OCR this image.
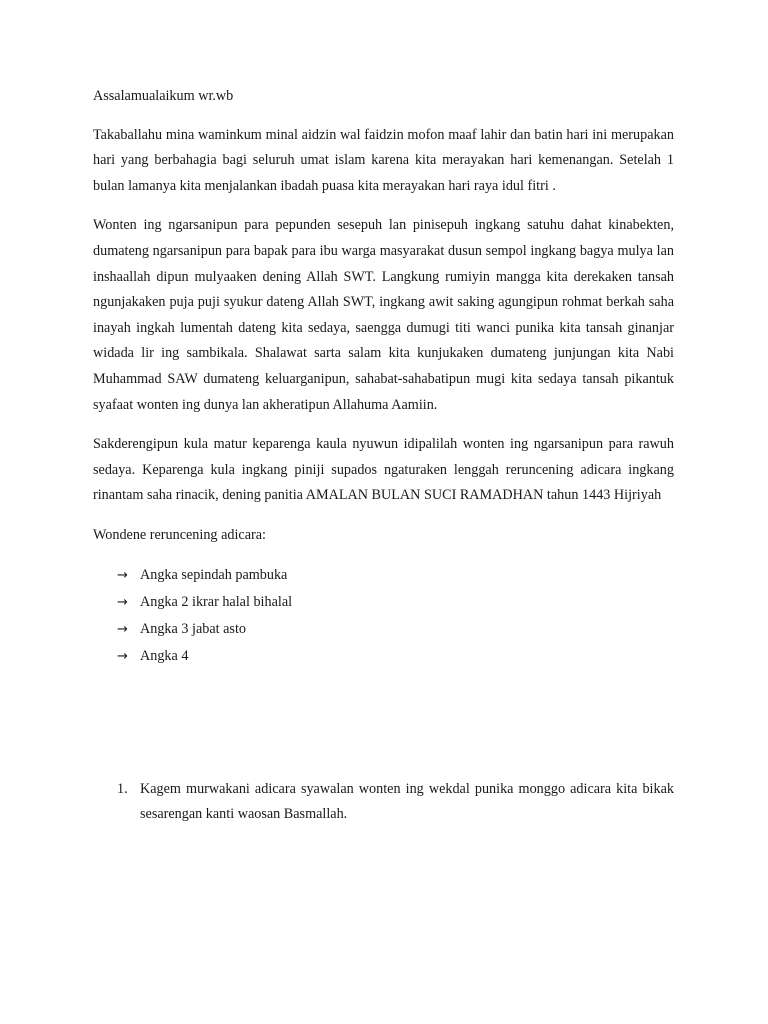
Assalamualaikum wr.wb

Takaballahu mina waminkum minal aidzin wal faidzin mofon maaf lahir dan batin hari ini merupakan hari yang berbahagia bagi seluruh umat islam karena kita merayakan hari kemenangan. Setelah 1 bulan lamanya kita menjalankan ibadah puasa kita merayakan hari raya idul fitri .

Wonten ing ngarsanipun para pepunden sesepuh lan pinisepuh ingkang satuhu dahat kinabekten, dumateng ngarsanipun para bapak para ibu warga masyarakat dusun sempol ingkang bagya mulya lan inshaallah dipun mulyaaken dening Allah SWT. Langkung rumiyin mangga kita derekaken tansah ngunjakaken puja puji syukur dateng Allah SWT, ingkang awit saking agungipun rohmat berkah saha inayah ingkah lumentah dateng kita sedaya, saengga dumugi titi wanci punika kita tansah ginanjar widada lir ing sambikala. Shalawat sarta salam kita kunjukaken dumateng junjungan kita Nabi Muhammad SAW dumateng keluarganipun, sahabat-sahabatipun mugi kita sedaya tansah pikantuk syafaat wonten ing dunya lan akheratipun Allahuma Aamiin.

Sakderengipun kula matur keparenga kaula nyuwun idipalilah wonten ing ngarsanipun para rawuh sedaya. Keparenga kula ingkang piniji supados ngaturaken lenggah reruncening adicara ingkang rinantam saha rinacik, dening panitia AMALAN BULAN SUCI RAMADHAN tahun 1443 Hijriyah

Wondene reruncening adicara:

→ Angka sepindah pambuka
→ Angka 2 ikrar halal bihalal
→ Angka 3 jabat asto
→ Angka 4
1. Kagem murwakani adicara syawalan wonten ing wekdal punika monggo adicara kita bikak sesarengan kanti waosan Basmallah.
